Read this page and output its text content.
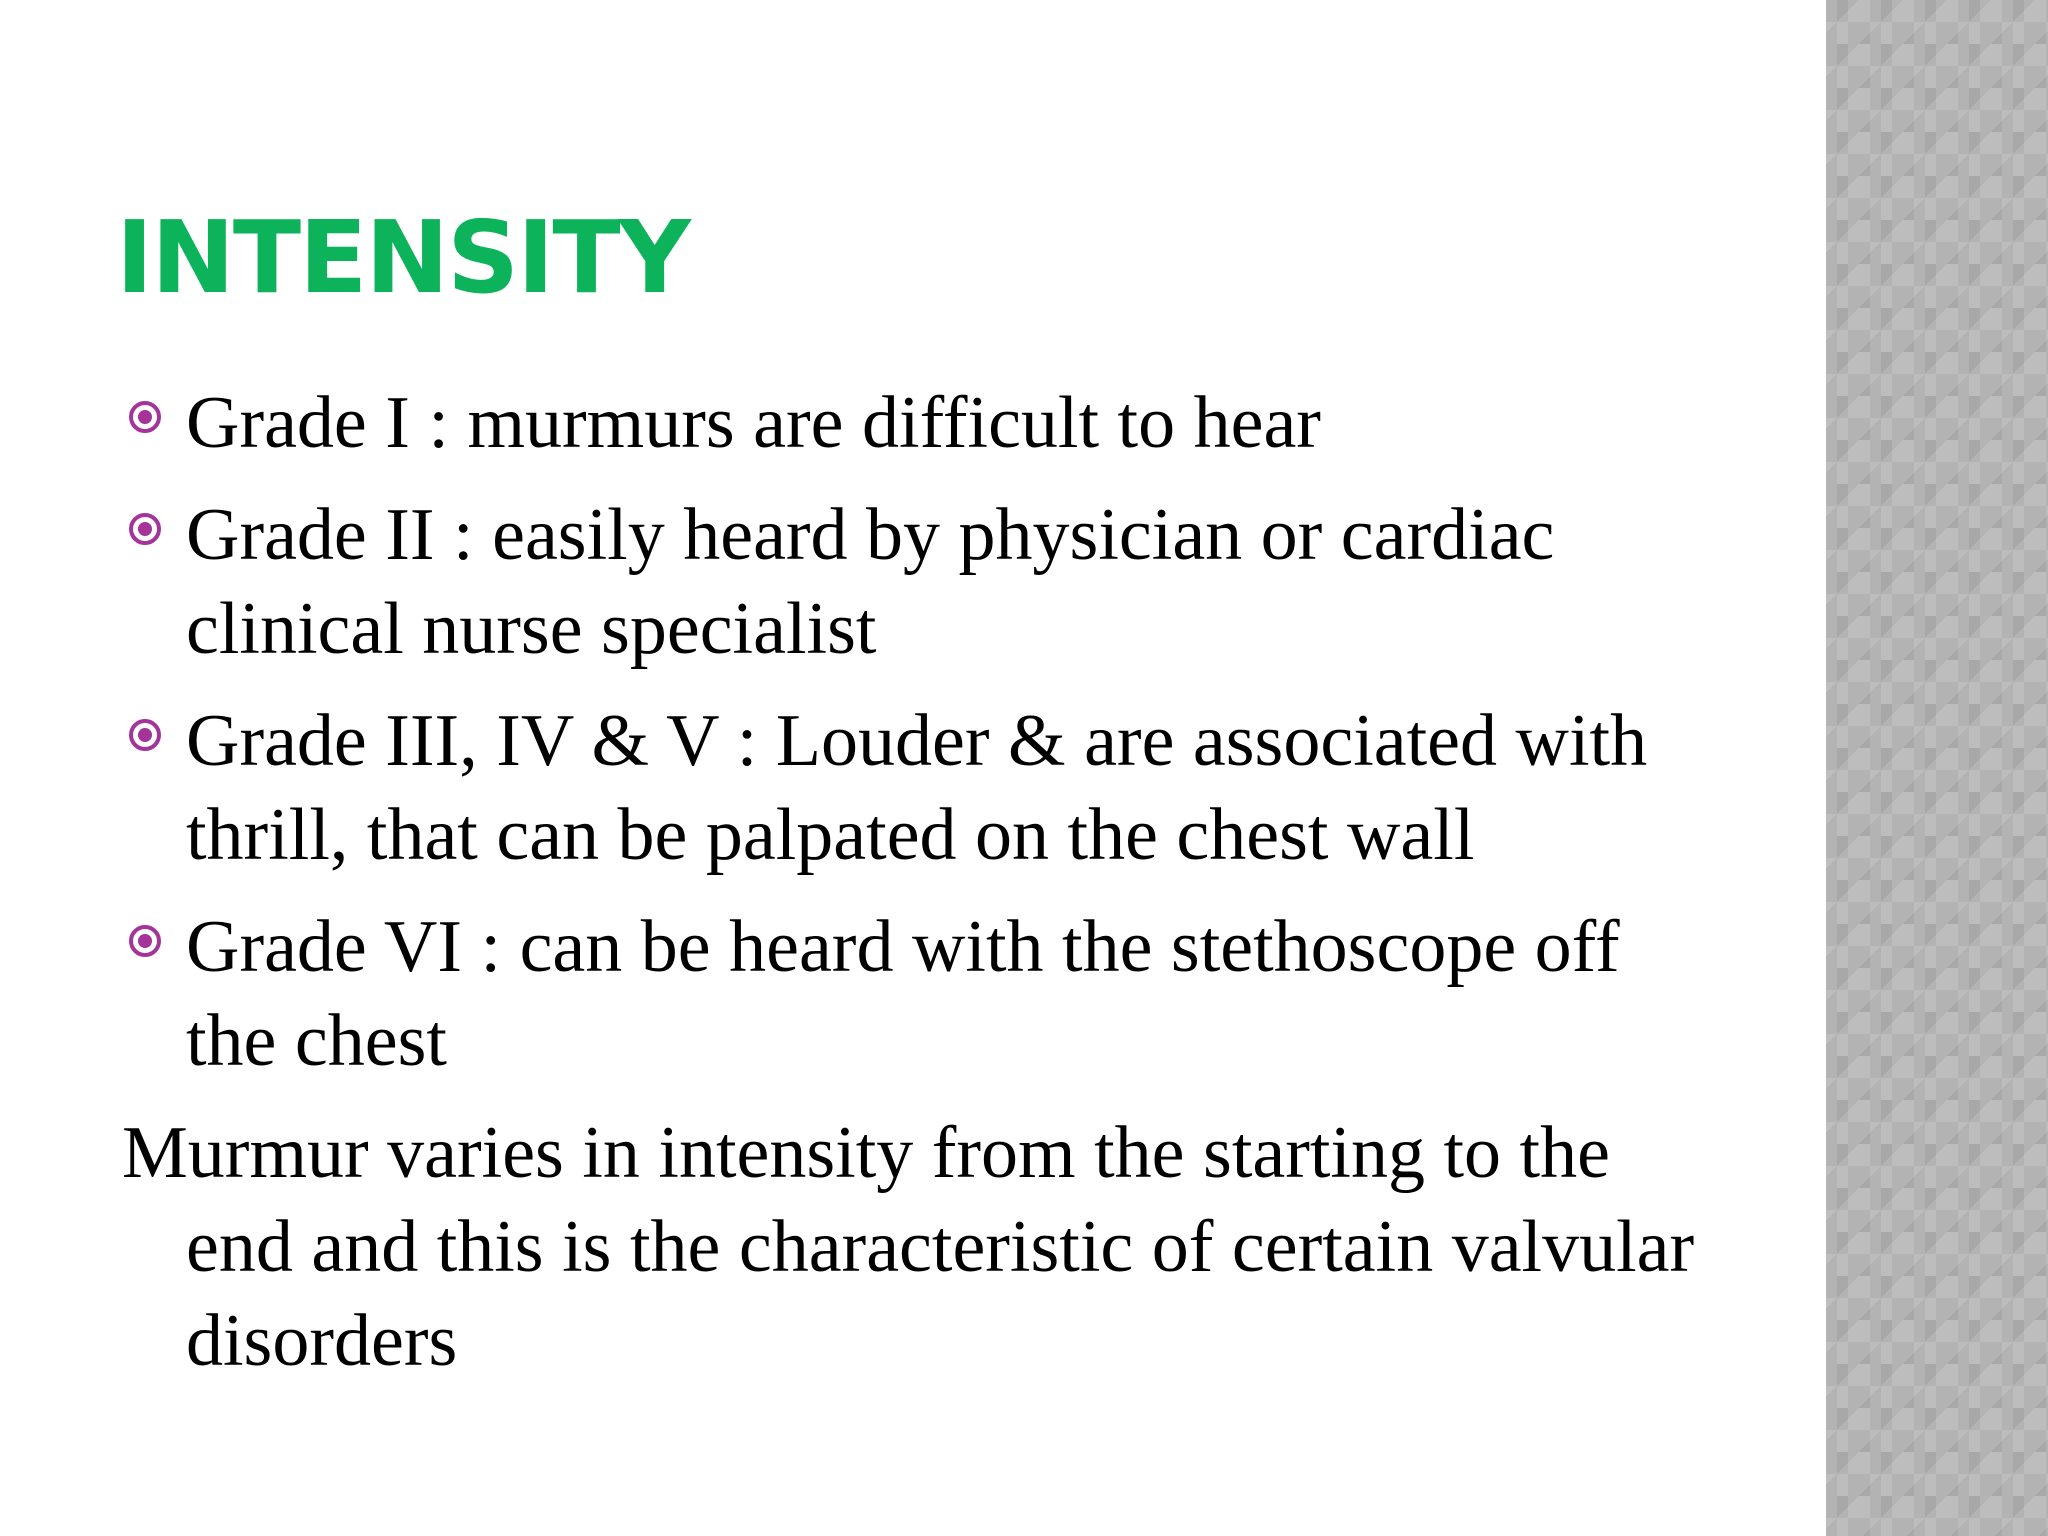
INTENSITY
Grade I : murmurs are difficult to hear
Grade II : easily heard by physician or cardiac clinical nurse specialist
Grade III, IV & V : Louder & are associated with thrill, that can be palpated on the chest wall
Grade VI : can be heard with the stethoscope off the chest
Murmur varies in intensity from the starting to the end and this is the characteristic of certain valvular disorders
